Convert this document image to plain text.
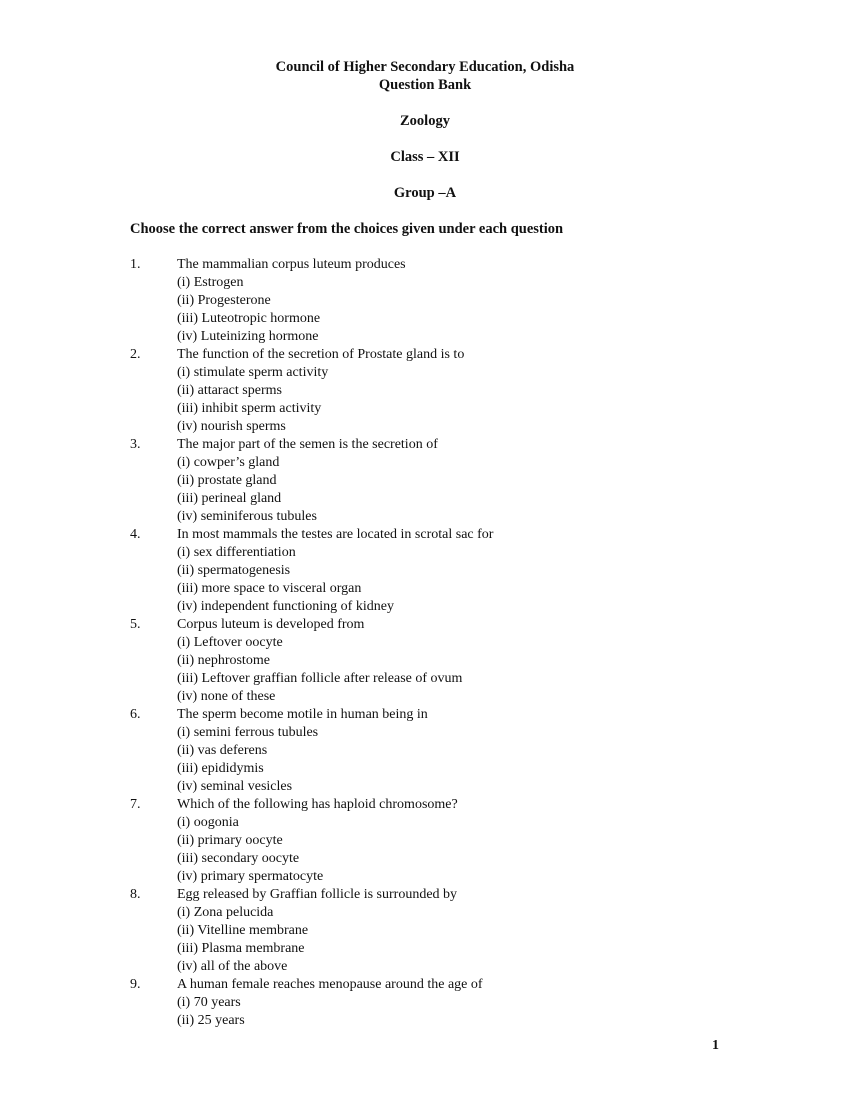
Council of Higher Secondary Education, Odisha
Question Bank
Zoology
Class – XII
Group –A
Choose the correct answer from the choices given under each question
1.	The mammalian corpus luteum produces
(i) Estrogen
(ii) Progesterone
(iii) Luteotropic hormone
(iv) Luteinizing hormone
2.	The function of the secretion of Prostate gland is to
(i) stimulate sperm activity
(ii) attaract sperms
(iii) inhibit sperm activity
(iv) nourish sperms
3.	The major part of the semen is the secretion of
(i) cowper’s gland
(ii) prostate gland
(iii) perineal gland
(iv) seminiferous tubules
4.	In most mammals the testes are located in scrotal sac for
(i) sex differentiation
(ii) spermatogenesis
(iii) more space to visceral organ
(iv) independent functioning of kidney
5.	Corpus luteum is developed from
(i) Leftover oocyte
(ii) nephrostome
(iii) Leftover graffian follicle after release of ovum
(iv) none of these
6.	The sperm become motile in human being in
(i) semini ferrous tubules
(ii) vas deferens
(iii) epididymis
(iv) seminal vesicles
7.	Which of the following has haploid chromosome?
(i) oogonia
(ii) primary oocyte
(iii) secondary oocyte
(iv) primary spermatocyte
8.	Egg released by Graffian follicle is surrounded by
(i) Zona pelucida
(ii) Vitelline membrane
(iii) Plasma membrane
(iv) all of the above
9.	A human female reaches menopause around the age of
(i) 70 years
(ii) 25 years
1
